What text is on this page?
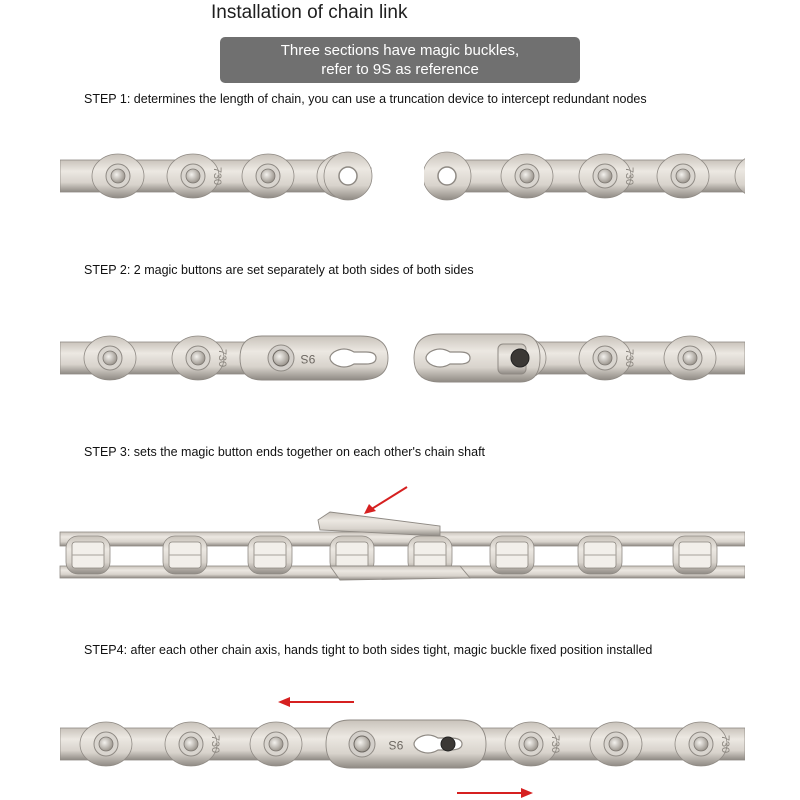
Installation of chain link
Three sections have magic buckles,
refer to 9S as reference
STEP 1: determines the length of chain, you can use a truncation device to intercept redundant nodes
STEP 2: 2 magic buttons are set separately at both sides of both sides
STEP 3: sets the magic button ends together on each other's chain shaft
STEP4: after each other chain axis, hands tight to both sides tight, magic buckle fixed position installed
730	730
730	9S	730
730	730	730
9S
